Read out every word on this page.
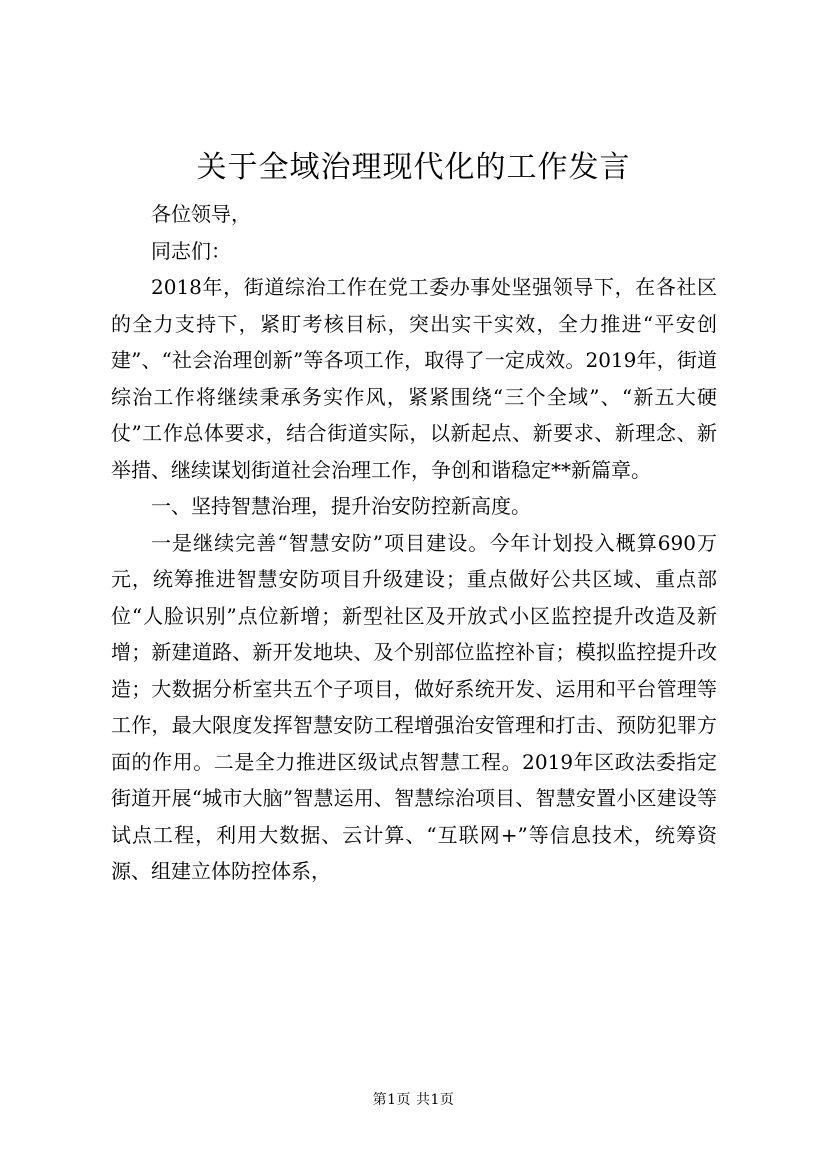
关于全域治理现代化的工作发言

各位领导，

同志们：

2018年，街道综治工作在党工委办事处坚强领导下，在各社区的全力支持下，紧盯考核目标，突出实干实效，全力推进“平安创建”、“社会治理创新”等各项工作，取得了一定成效。2019年，街道综治工作将继续秉承务实作风，紧紧围绕“三个全域”、“新五大硬仗”工作总体要求，结合街道实际，以新起点、新要求、新理念、新举措、继续谋划街道社会治理工作，争创和谐稳定**新篇章。

一、坚持智慧治理，提升治安防控新高度。

一是继续完善“智慧安防”项目建设。今年计划投入概算690万元，统筹推进智慧安防项目升级建设；重点做好公共区域、重点部位“人脸识别”点位新增；新型社区及开放式小区监控提升改造及新增；新建道路、新开发地块、及个别部位监控补盲；模拟监控提升改造；大数据分析室共五个子项目，做好系统开发、运用和平台管理等工作，最大限度发挥智慧安防工程增强治安管理和打击、预防犯罪方面的作用。二是全力推进区级试点智慧工程。2019年区政法委指定街道开展“城市大脑”智慧运用、智慧综治项目、智慧安置小区建设等试点工程，利用大数据、云计算、“互联网+”等信息技术，统筹资源、组建立体防控体系，

第1页 共1页
